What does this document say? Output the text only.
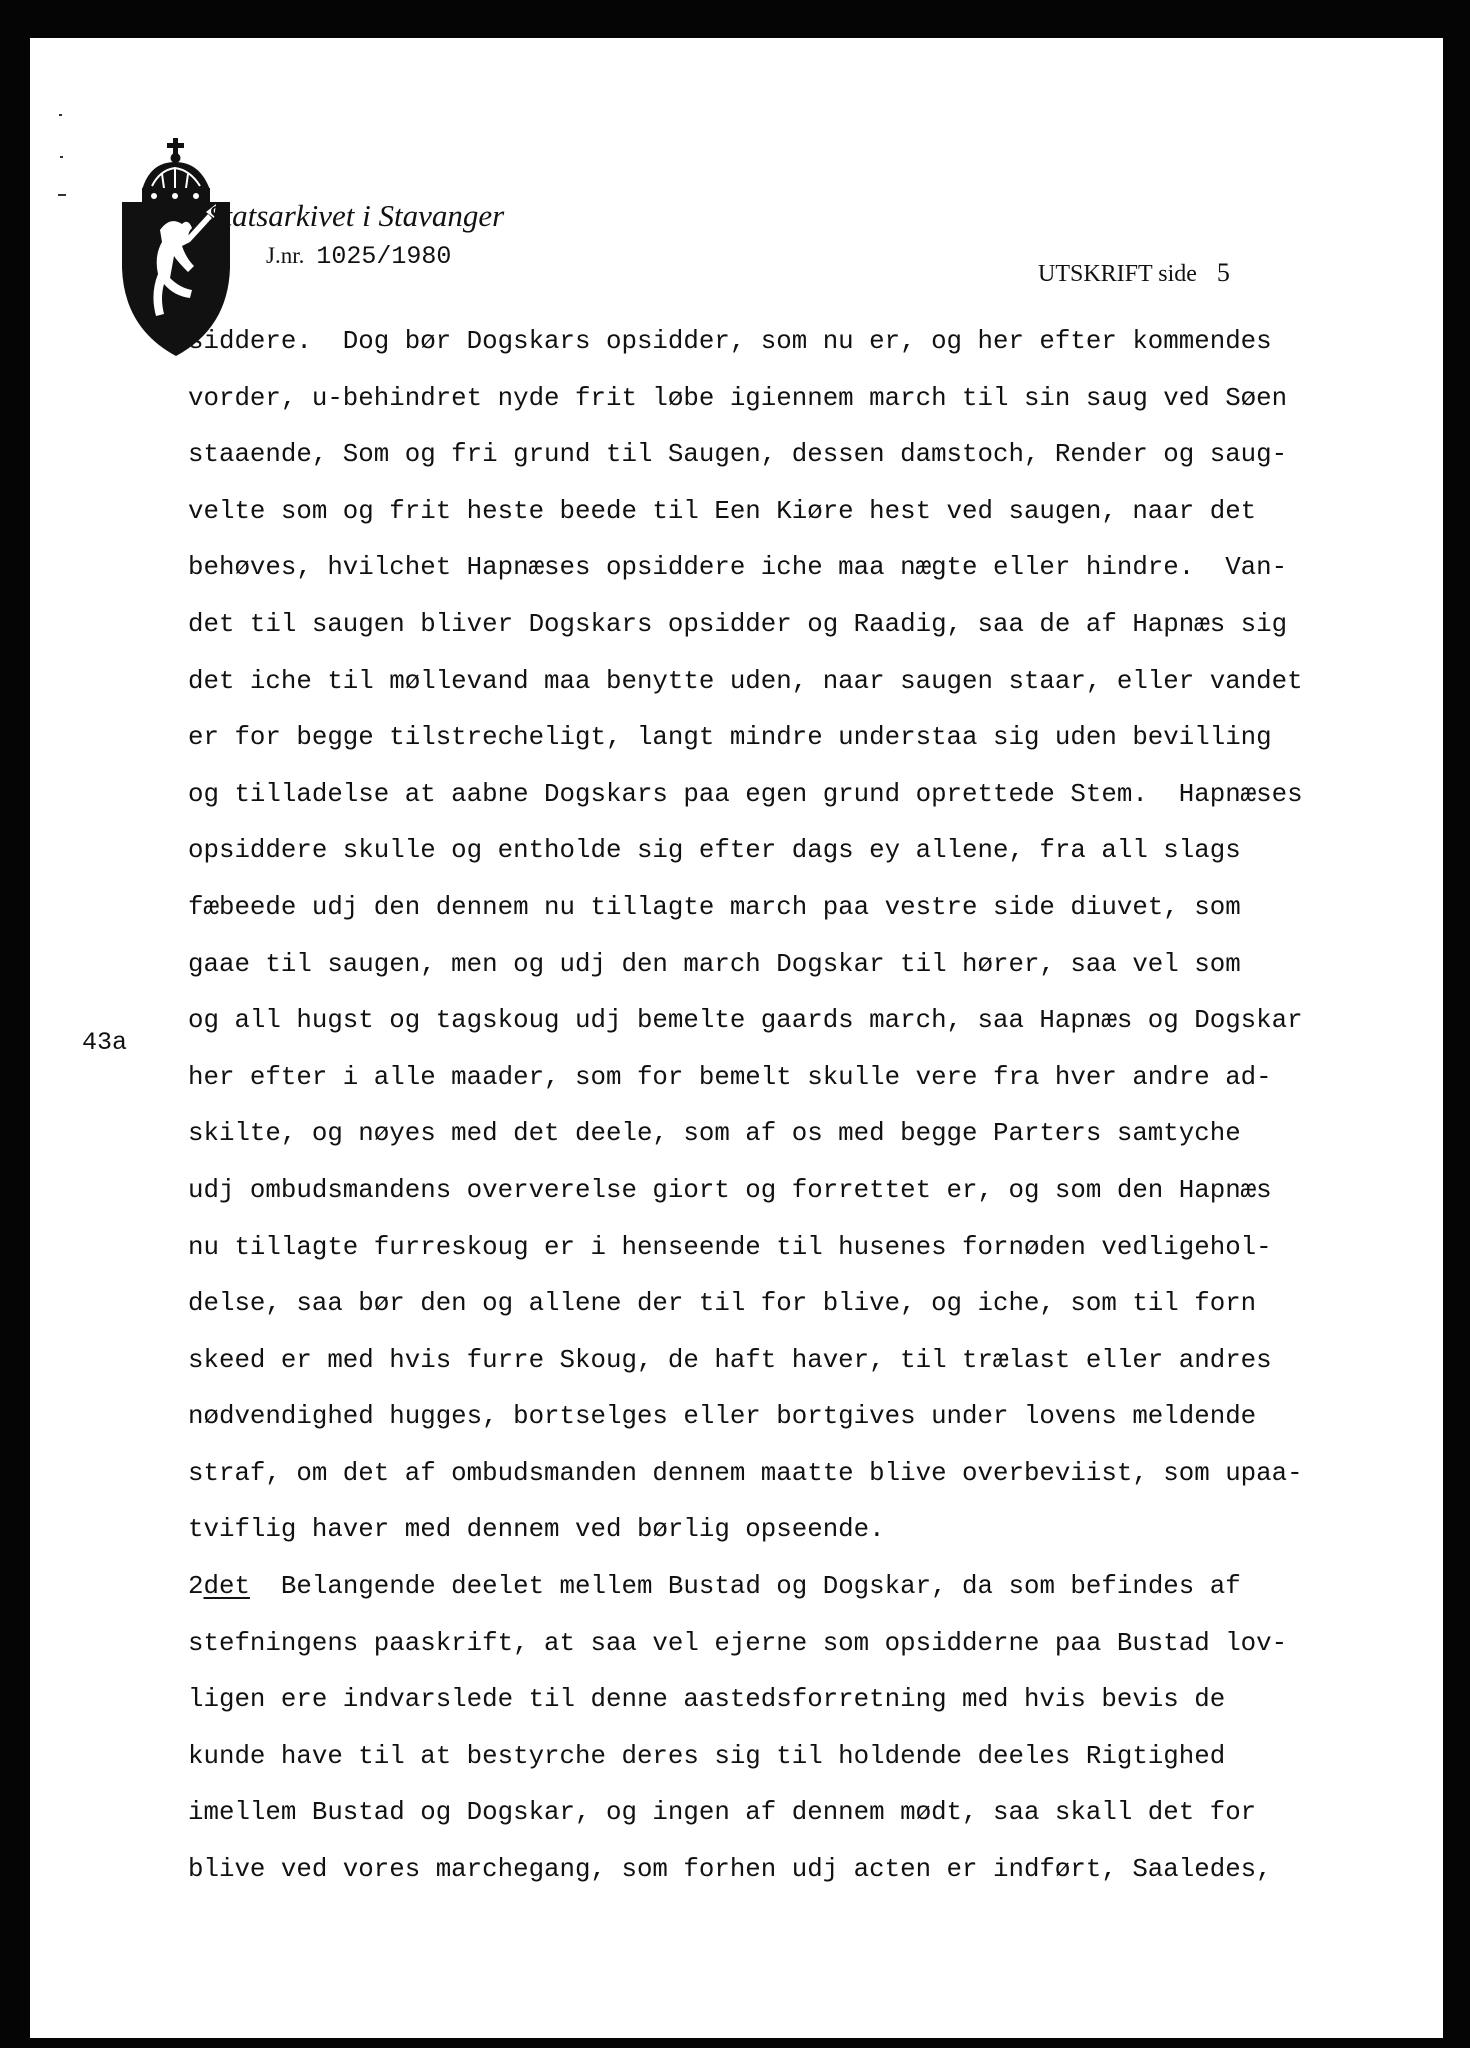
Statsarkivet i Stavanger
J.nr. 1025/1980
UTSKRIFT side 5
43a
siddere.  Dog bør Dogskars opsidder, som nu er, og her efter kommendes
vorder, u-behindret nyde frit løbe igiennem march til sin saug ved Søen
staaende, Som og fri grund til Saugen, dessen damstoch, Render og saug-
velte som og frit heste beede til Een Kiøre hest ved saugen, naar det
behøves, hvilchet Hapnæses opsiddere iche maa nægte eller hindre.  Van-
det til saugen bliver Dogskars opsidder og Raadig, saa de af Hapnæs sig
det iche til møllevand maa benytte uden, naar saugen staar, eller vandet
er for begge tilstrecheligt, langt mindre understaa sig uden bevilling
og tilladelse at aabne Dogskars paa egen grund oprettede Stem.  Hapnæses
opsiddere skulle og entholde sig efter dags ey allene, fra all slags
fæbeede udj den dennem nu tillagte march paa vestre side diuvet, som
gaae til saugen, men og udj den march Dogskar til hører, saa vel som
og all hugst og tagskoug udj bemelte gaards march, saa Hapnæs og Dogskar
her efter i alle maader, som for bemelt skulle vere fra hver andre ad-
skilte, og nøyes med det deele, som af os med begge Parters samtyche
udj ombudsmandens oververelse giort og forrettet er, og som den Hapnæs
nu tillagte furreskoug er i henseende til husenes fornøden vedligehol-
delse, saa bør den og allene der til for blive, og iche, som til forn
skeed er med hvis furre Skoug, de haft haver, til trælast eller andres
nødvendighed hugges, bortselges eller bortgives under lovens meldende
straf, om det af ombudsmanden dennem maatte blive overbeviist, som upaa-
tviflig haver med dennem ved børlig opseende.
2det  Belangende deelet mellem Bustad og Dogskar, da som befindes af
stefningens paaskrift, at saa vel ejerne som opsidderne paa Bustad lov-
ligen ere indvarslede til denne aastedsforretning med hvis bevis de
kunde have til at bestyrche deres sig til holdende deeles Rigtighed
imellem Bustad og Dogskar, og ingen af dennem mødt, saa skall det for
blive ved vores marchegang, som forhen udj acten er indført, Saaledes,
